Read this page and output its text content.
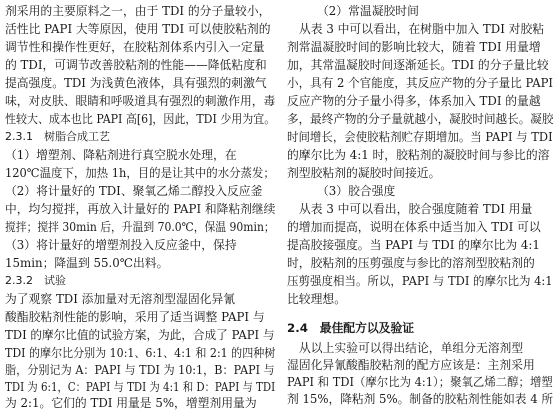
剂采用的主要原料之一，由于 TDI 的分子量较小，
活性比 PAPI 大等原因，使用 TDI 可以使胶粘剂的
调节性和操作性更好，在胶粘剂体系内引入一定量
的 TDI，可调节改善胶粘剂的性能——降低粘度和
提高强度。TDI 为浅黄色液体，具有强烈的刺激气
味，对皮肤、眼睛和呼吸道具有强烈的刺激作用，毒
性较大、成本也比 PAPI 高[6]，因此，TDI 少用为宜。
2.3.1　树脂合成工艺
（1）增塑剂、降粘剂进行真空脱水处理，在
120℃温度下，加热 1h，目的是让其中的水分蒸发；
（2）将计量好的 TDI、聚氧乙烯二醇投入反应釜
中，均匀搅拌，再放入计量好的 PAPI 和降粘剂继续
搅拌；搅拌 30min 后，升温到 70.0℃，保温 90min；
（3）将计量好的增塑剂投入反应釜中，保持
15min；降温到 55.0℃出料。
2.3.2　试验
为了观察 TDI 添加量对无溶剂型湿固化异氰
酸酯胶粘剂性能的影响，采用了适当调整 PAPI 与
TDI 的摩尔比值的试验方案，为此，合成了 PAPI 与
TDI 的摩尔比分别为 10:1、6:1、4:1 和 2:1 的四种树
脂，分别记为 A：PAPI 与 TDI 为 10:1，B：PAPI 与
TDI 为 6:1，C：PAPI 与 TDI 为 4:1 和 D：PAPI 与 TDI
为 2:1。它们的 TDI 用量是 5%，增塑剂用量为
（2）常温凝胶时间
从表 3 中可以看出，在树脂中加入 TDI 对胶粘
剂常温凝胶时间的影响比较大，随着 TDI 用量增
加，其常温凝胶时间逐渐延长。TDI 的分子量比较
小，具有 2 个官能度，其反应产物的分子量比 PAPI
反应产物的分子量小得多，体系加入 TDI 的量越
多，最终产物的分子量就越小，凝胶时间越长。凝胶
时间增长，会使胶粘剂贮存期增加。当 PAPI 与 TDI
的摩尔比为 4:1 时，胶粘剂的凝胶时间与参比的溶
剂型胶粘剂的凝胶时间接近。
（3）胶合强度
从表 3 中可以看出，胶合强度随着 TDI 用量
的增加而提高，说明在体系中适当加入 TDI 可以
提高胶接强度。当 PAPI 与 TDI 的摩尔比为 4:1
时，胶粘剂的压剪强度与参比的溶剂型胶粘剂的
压剪强度相当。所以，PAPI 与 TDI 的摩尔比为 4:1
比较理想。
2.4　最佳配方以及验证
从以上实验可以得出结论，单组分无溶剂型
湿固化异氰酸酯胶粘剂的配方应该是：主剂采用
PAPI 和 TDI（摩尔比为 4:1）；聚氧乙烯二醇；增塑
剂 15%，降粘剂 5%。制备的胶粘剂性能如表 4 所
